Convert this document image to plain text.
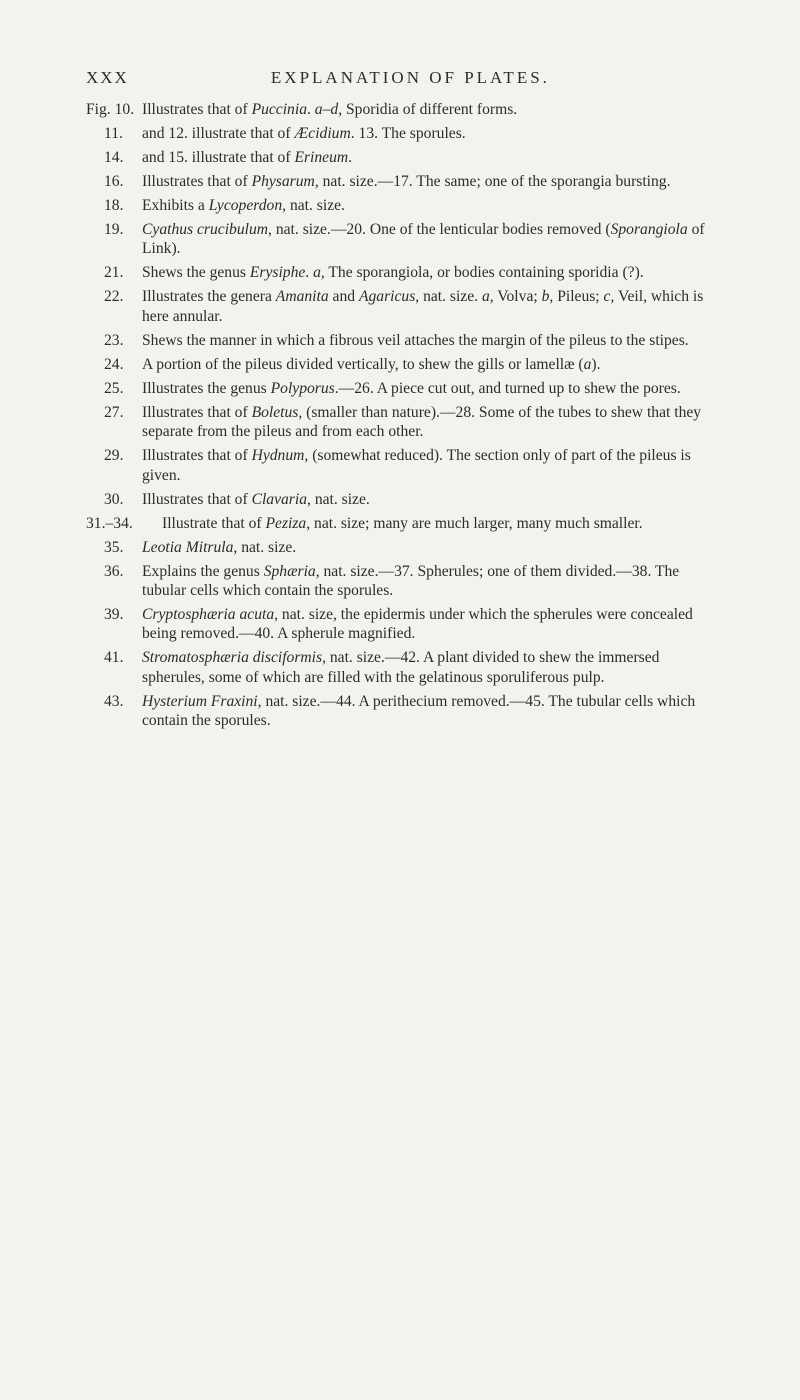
XXX	EXPLANATION OF PLATES.
Fig. 10. Illustrates that of Puccinia. a–d, Sporidia of different forms.
11.	and 12. illustrate that of Æcidium. 13. The sporules.
14.	and 15. illustrate that of Erineum.
16.	Illustrates that of Physarum, nat. size.—17. The same; one of the sporangia bursting.
18.	Exhibits a Lycoperdon, nat. size.
19.	Cyathus crucibulum, nat. size.—20. One of the lenticular bodies removed (Sporangiola of Link).
21.	Shews the genus Erysiphe. a, The sporangiola, or bodies containing sporidia (?).
22.	Illustrates the genera Amanita and Agaricus, nat. size. a, Volva; b, Pileus; c, Veil, which is here annular.
23.	Shews the manner in which a fibrous veil attaches the margin of the pileus to the stipes.
24.	A portion of the pileus divided vertically, to shew the gills or lamellæ (a).
25.	Illustrates the genus Polyporus.—26. A piece cut out, and turned up to shew the pores.
27.	Illustrates that of Boletus, (smaller than nature).—28. Some of the tubes to shew that they separate from the pileus and from each other.
29.	Illustrates that of Hydnum, (somewhat reduced). The section only of part of the pileus is given.
30.	Illustrates that of Clavaria, nat. size.
31.–34.	Illustrate that of Peziza, nat. size; many are much larger, many much smaller.
35.	Leotia Mitrula, nat. size.
36.	Explains the genus Sphæria, nat. size.—37. Spherules; one of them divided.—38. The tubular cells which contain the sporules.
39.	Cryptosphæria acuta, nat. size, the epidermis under which the spherules were concealed being removed.—40. A spherule magnified.
41.	Stromatosphæria disciformis, nat. size.—42. A plant divided to shew the immersed spherules, some of which are filled with the gelatinous sporuliferous pulp.
43.	Hysterium Fraxini, nat. size.—44. A perithecium removed.—45. The tubular cells which contain the sporules.
